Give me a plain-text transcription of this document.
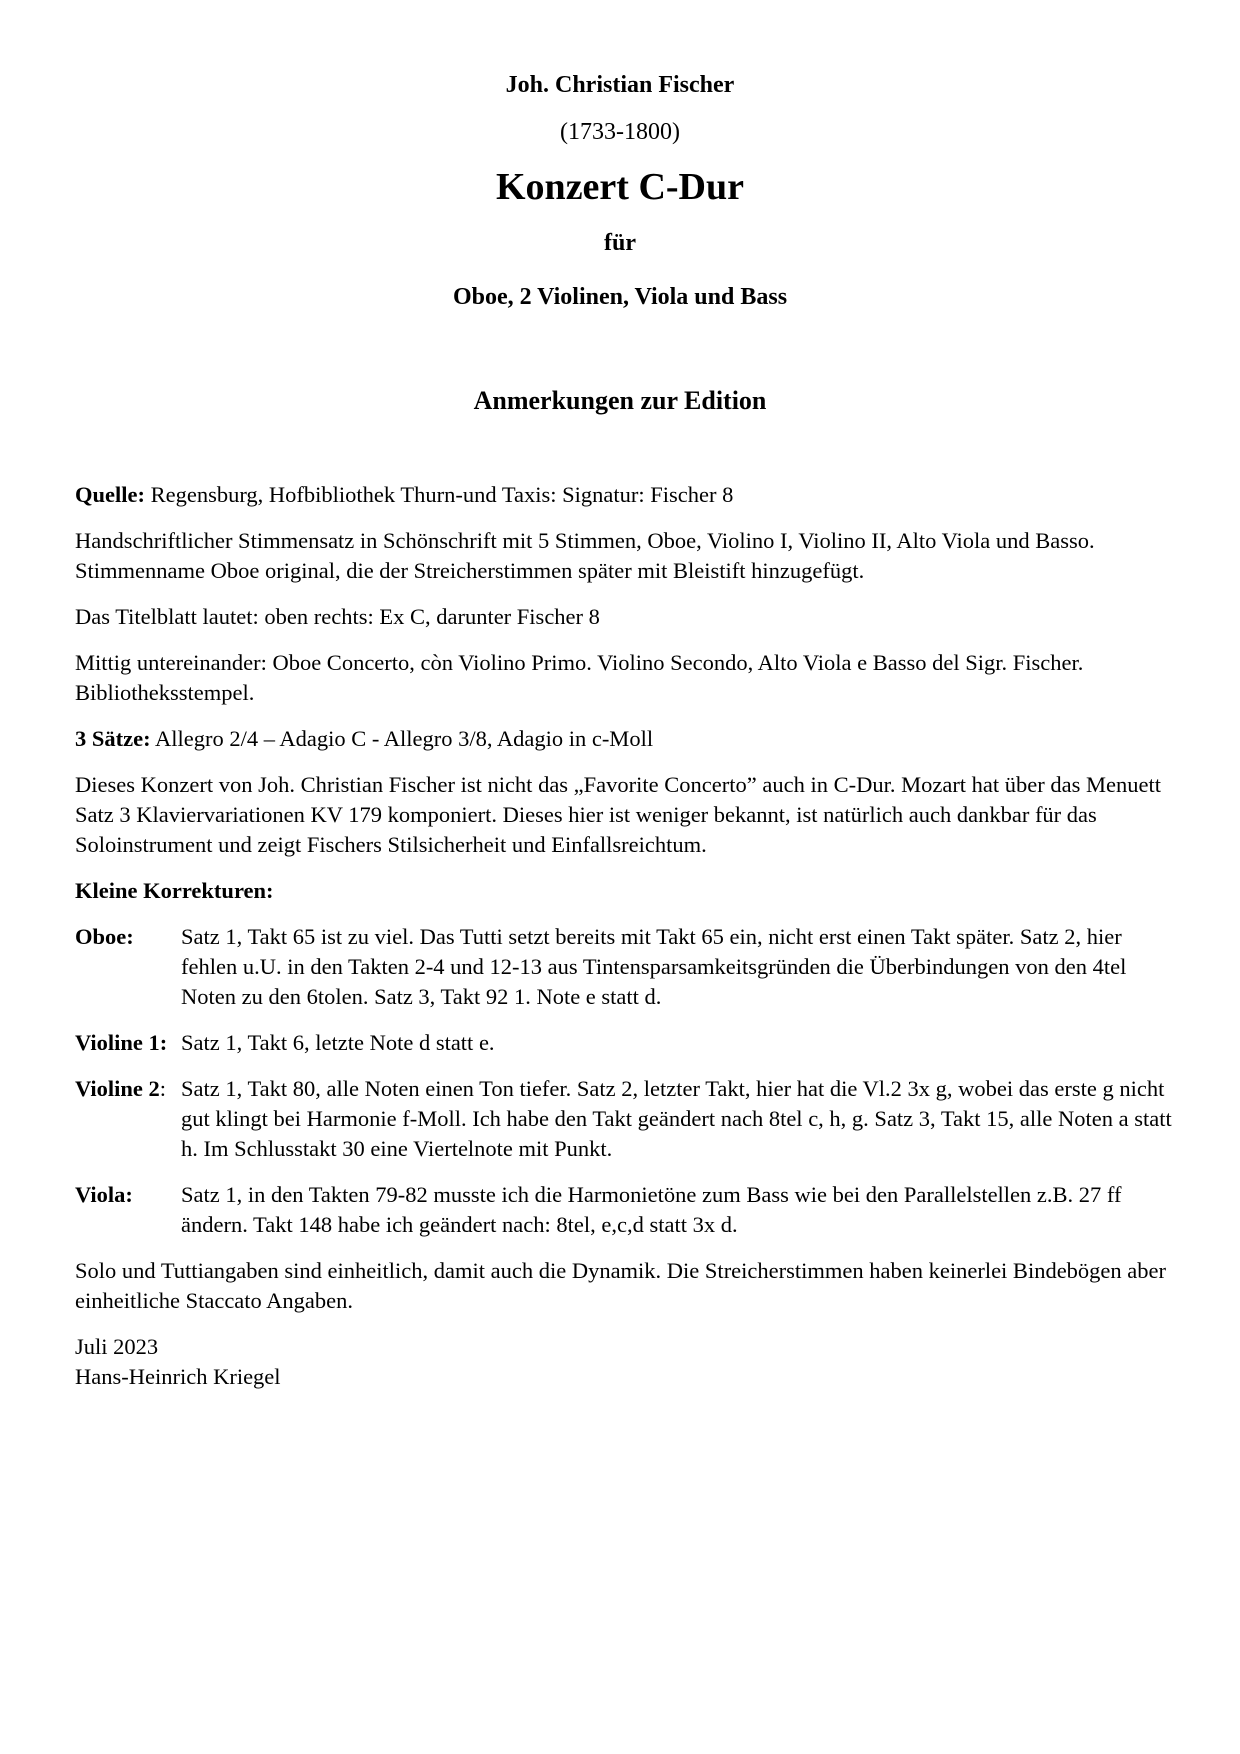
Joh. Christian Fischer
(1733-1800)
Konzert C-Dur
für
Oboe, 2 Violinen, Viola und Bass
Anmerkungen zur Edition

Quelle: Regensburg, Hofbibliothek Thurn-und Taxis: Signatur: Fischer 8

Handschriftlicher Stimmensatz in Schönschrift mit 5 Stimmen, Oboe, Violino I, Violino II, Alto Viola und Basso. Stimmenname Oboe original, die der Streicherstimmen später mit Bleistift hinzugefügt.

Das Titelblatt lautet: oben rechts: Ex C, darunter Fischer 8

Mittig untereinander: Oboe Concerto, còn Violino Primo. Violino Secondo, Alto Viola e Basso del Sigr. Fischer. Bibliotheksstempel.

3 Sätze: Allegro 2/4 – Adagio C - Allegro 3/8, Adagio in c-Moll

Dieses Konzert von Joh. Christian Fischer ist nicht das „Favorite Concerto” auch in C-Dur. Mozart hat über das Menuett Satz 3 Klaviervariationen KV 179 komponiert. Dieses hier ist weniger bekannt, ist natürlich auch dankbar für das Soloinstrument und zeigt Fischers Stilsicherheit und Einfallsreichtum.

Kleine Korrekturen:

Oboe:	Satz 1, Takt 65 ist zu viel. Das Tutti setzt bereits mit Takt 65 ein, nicht erst einen Takt später. Satz 2, hier fehlen u.U. in den Takten 2-4 und 12-13 aus Tintensparsamkeitsgründen die Überbindungen von den 4tel Noten zu den 6tolen. Satz 3, Takt 92 1. Note e statt d.
Violine 1: Satz 1, Takt 6, letzte Note d statt e.
Violine 2: Satz 1, Takt 80, alle Noten einen Ton tiefer. Satz 2, letzter Takt, hier hat die Vl.2 3x g, wobei das erste g nicht gut klingt bei Harmonie f-Moll. Ich habe den Takt geändert nach 8tel c, h, g. Satz 3, Takt 15, alle Noten a statt h. Im Schlusstakt 30 eine Viertelnote mit Punkt.
Viola:	Satz 1, in den Takten 79-82 musste ich die Harmonietöne zum Bass wie bei den Parallelstellen z.B. 27 ff ändern. Takt 148 habe ich geändert nach: 8tel, e,c,d statt 3x d.

Solo und Tuttiangaben sind einheitlich, damit auch die Dynamik. Die Streicherstimmen haben keinerlei Bindebögen aber einheitliche Staccato Angaben.

Juli 2023
Hans-Heinrich Kriegel
